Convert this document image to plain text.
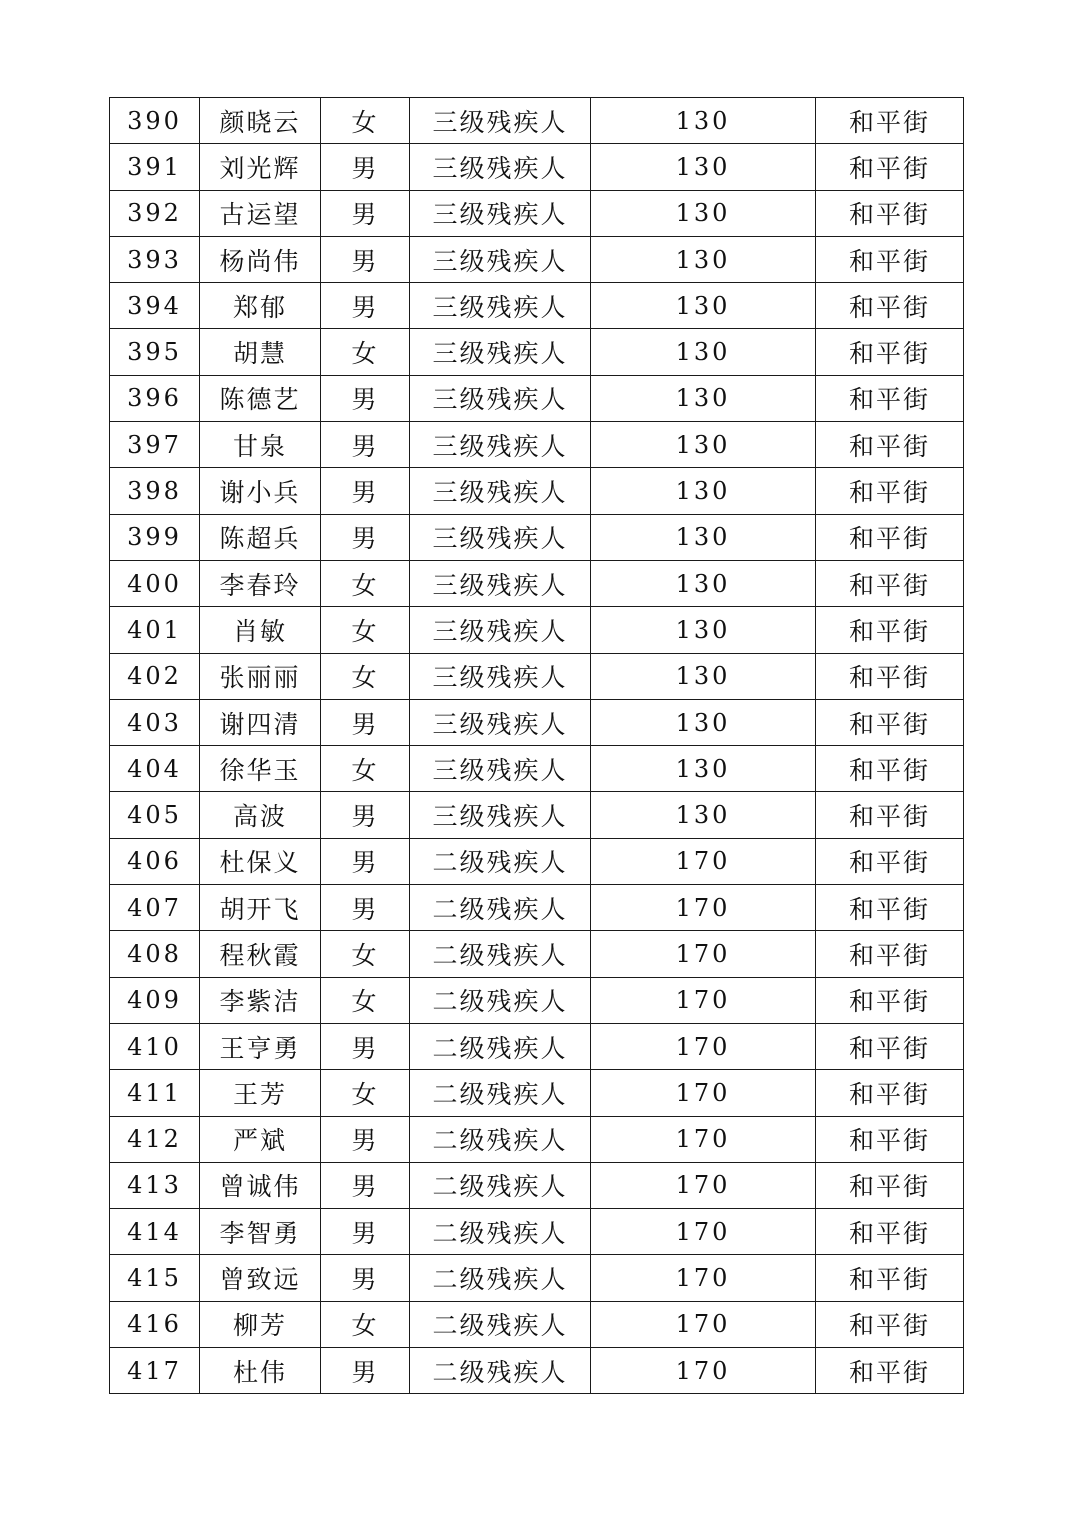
390	颜晓云	女	三级残疾人	130	和平街
391	刘光辉	男	三级残疾人	130	和平街
392	古运望	男	三级残疾人	130	和平街
393	杨尚伟	男	三级残疾人	130	和平街
394	郑郁	男	三级残疾人	130	和平街
395	胡慧	女	三级残疾人	130	和平街
396	陈德艺	男	三级残疾人	130	和平街
397	甘泉	男	三级残疾人	130	和平街
398	谢小兵	男	三级残疾人	130	和平街
399	陈超兵	男	三级残疾人	130	和平街
400	李春玲	女	三级残疾人	130	和平街
401	肖敏	女	三级残疾人	130	和平街
402	张丽丽	女	三级残疾人	130	和平街
403	谢四清	男	三级残疾人	130	和平街
404	徐华玉	女	三级残疾人	130	和平街
405	高波	男	三级残疾人	130	和平街
406	杜保义	男	二级残疾人	170	和平街
407	胡开飞	男	二级残疾人	170	和平街
408	程秋霞	女	二级残疾人	170	和平街
409	李紫洁	女	二级残疾人	170	和平街
410	王亨勇	男	二级残疾人	170	和平街
411	王芳	女	二级残疾人	170	和平街
412	严斌	男	二级残疾人	170	和平街
413	曾诚伟	男	二级残疾人	170	和平街
414	李智勇	男	二级残疾人	170	和平街
415	曾致远	男	二级残疾人	170	和平街
416	柳芳	女	二级残疾人	170	和平街
417	杜伟	男	二级残疾人	170	和平街
